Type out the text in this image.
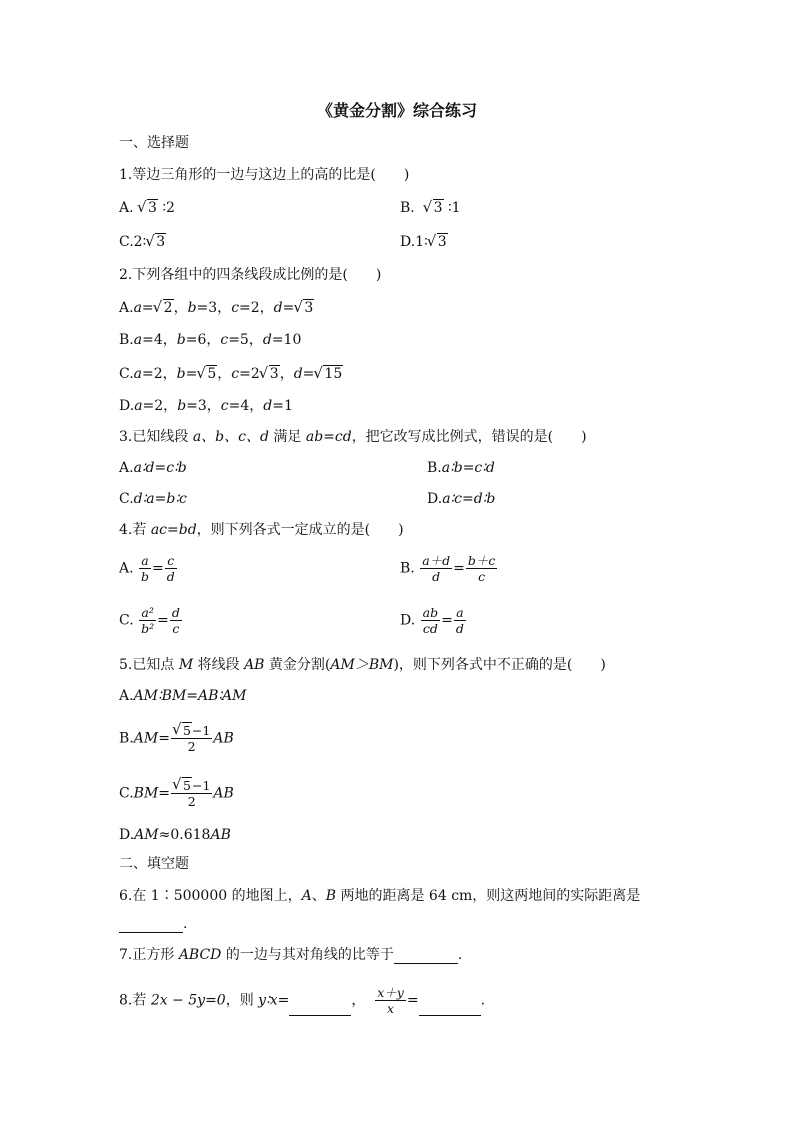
《黄金分割》综合练习
一、选择题
1.等边三角形的一边与这边上的高的比是(　　)
A. √ 3 ∶2	B. √ 3 ∶1
C.2∶ √ 3	D.1∶ √ 3
2.下列各组中的四条线段成比例的是(　　)
A.a= √ 2，b=3，c=2，d= √ 3
B.a=4，b=6，c=5，d=10
C.a=2，b= √ 5，c=2 √ 3，d= √ 15
D.a=2，b=3，c=4，d=1
3.已知线段 a、b、c、d 满足 ab=cd，把它改写成比例式，错误的是(　　)
A.a∶d=c∶b	B.a∶b=c∶d
C.d∶a=b∶c	D.a∶c=d∶b
4.若 ac=bd，则下列各式一定成立的是(　　)
A. $\frac{a}{b} = \frac{c}{d}$	B. $\frac{a+d}{d} = \frac{b+c}{c}$
C. $\frac{\text{a²}}{\text{b²}} = \frac{d}{c}$	D. $\frac{ab}{cd} = \frac{a}{d}$
5.已知点 M 将线段 AB 黄金分割(AM＞BM)，则下列各式中不正确的是(　　)
A.AM∶BM=AB∶AM
B.AM= √ $\frac{5-1}{2}$ AB
C.BM= √ $\frac{5-1}{2}$ AB
D.AM≈0.618AB
二、填空题
6.在 1∶500000 的地图上，A、B 两地的距离是 64 cm，则这两地间的实际距离是
.
7.正方形 ABCD 的一边与其对角线的比等于	.
8.若 2x − 5y=0，则 y∶x=	， $\frac{x+y}{x}$ =	.
